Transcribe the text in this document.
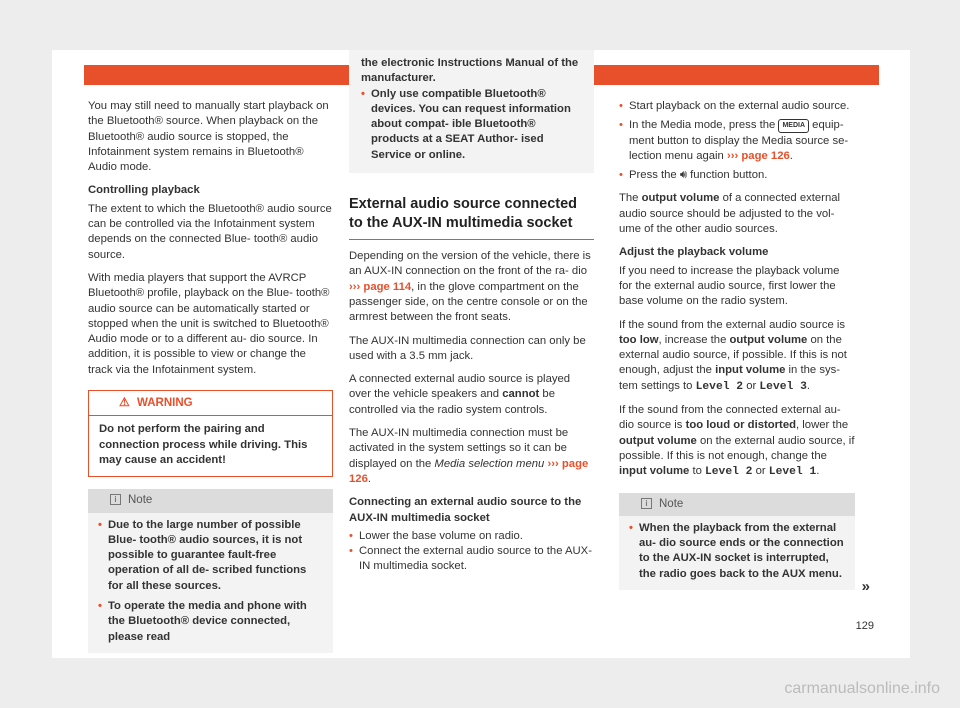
You may still need to manually start playback on the Bluetooth® source. When playback on the Bluetooth® audio source is stopped, the Infotainment system remains in Bluetooth® Audio mode.

Controlling playback

The extent to which the Bluetooth® audio source can be controlled via the Infotainment system depends on the connected Blue- tooth® audio source.

With media players that support the AVRCP Bluetooth® profile, playback on the Blue- tooth® audio source can be automatically started or stopped when the unit is switched to Bluetooth® Audio mode or to a different au- dio source. In addition, it is possible to view or change the track via the Infotainment system.

⚠ WARNING
Do not perform the pairing and connection process while driving. This may cause an accident!
i Note
• Due to the large number of possible Blue- tooth® audio sources, it is not possible to guarantee fault-free operation of all de- scribed functions for all these sources.
• To operate the media and phone with the Bluetooth® device connected, please read
the electronic Instructions Manual of the manufacturer.
• Only use compatible Bluetooth® devices. You can request information about compat- ible Bluetooth® products at a SEAT Author- ised Service or online.
External audio source connected to the AUX-IN multimedia socket

Depending on the version of the vehicle, there is an AUX-IN connection on the front of the ra- dio ››› page 114, in the glove compartment on the passenger side, on the centre console or on the armrest between the front seats.

The AUX-IN multimedia connection can only be used with a 3.5 mm jack.

A connected external audio source is played over the vehicle speakers and cannot be controlled via the radio system controls.

The AUX-IN multimedia connection must be activated in the system settings so it can be displayed on the Media selection menu ››› page 126.

Connecting an external audio source to the AUX-IN multimedia socket
• Lower the base volume on radio.
• Connect the external audio source to the AUX-IN multimedia socket.

• Start playback on the external audio source.

• In the Media mode, press the MEDIA equip- ment button to display the Media source se- lection menu again ››› page 126.

• Press the 🔊︎ function button.

The output volume of a connected external audio source should be adjusted to the vol- ume of the other audio sources.

Adjust the playback volume

If you need to increase the playback volume for the external audio source, first lower the base volume on the radio system.

If the sound from the external audio source is too low, increase the output volume on the external audio source, if possible. If this is not enough, adjust the input volume in the sys- tem settings to Level 2 or Level 3.

If the sound from the connected external au- dio source is too loud or distorted, lower the output volume on the external audio source, if possible. If this is not enough, change the input volume to Level 2 or Level 1.

i Note
• When the playback from the external au- dio source ends or the connection to the AUX-IN socket is interrupted, the radio goes back to the AUX menu.
»
129
carmanualsonline.info
